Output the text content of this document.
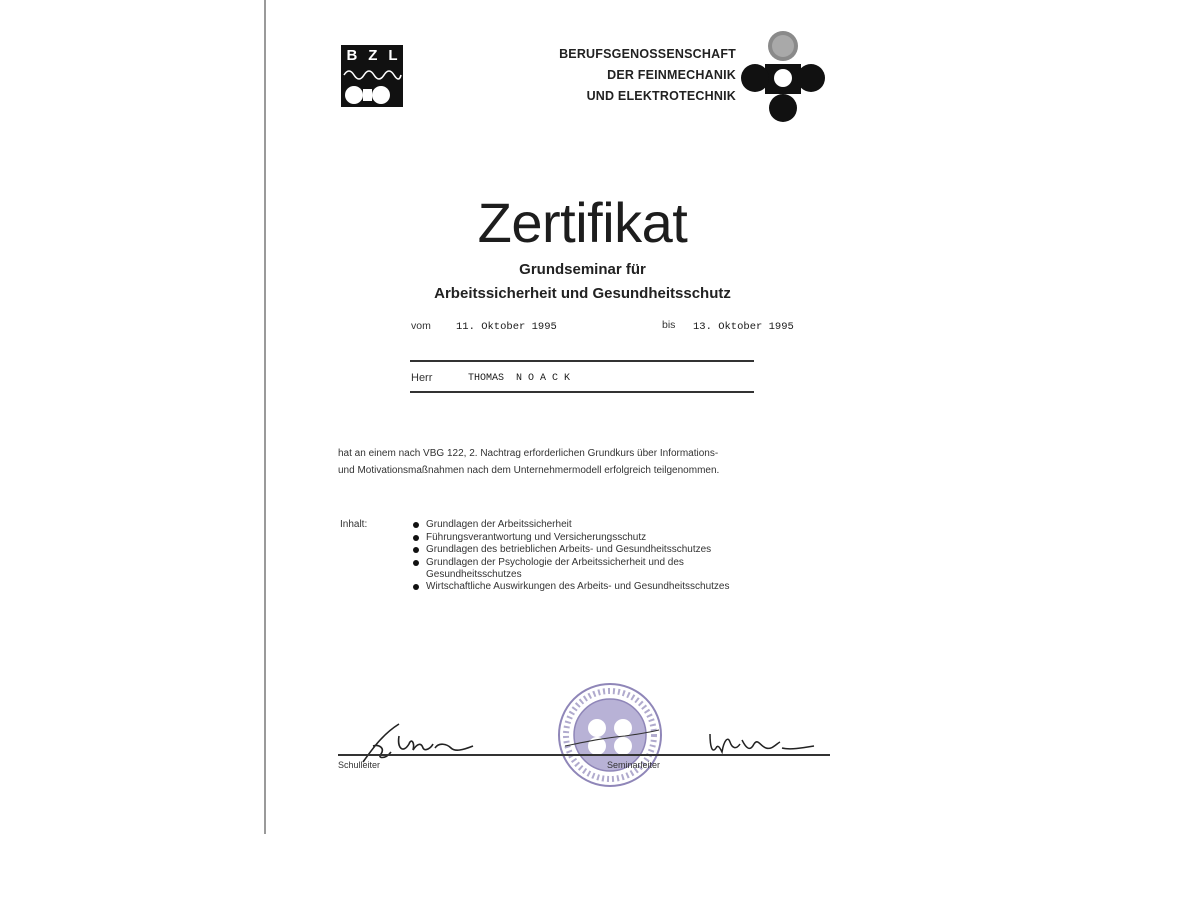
B Z L	BERUFSGENOSSENSCHAFT
DER FEINMECHANIK
UND ELEKTROTECHNIK
Zertifikat
Grundseminar für
Arbeitssicherheit und Gesundheitsschutz
vom 11. Oktober 1995	bis 13. Oktober 1995
Herr	THOMAS  N O A C K
hat an einem nach VBG 122, 2. Nachtrag erforderlichen Grundkurs über Informations-
und Motivationsmaßnahmen nach dem Unternehmermodell erfolgreich teilgenommen.
Inhalt:	Grundlagen der Arbeitssicherheit
Führungsverantwortung und Versicherungsschutz
Grundlagen des betrieblichen Arbeits- und Gesundheitsschutzes
Grundlagen der Psychologie der Arbeitssicherheit und des Gesundheitsschutzes
Wirtschaftliche Auswirkungen des Arbeits- und Gesundheitsschutzes
Schulleiter	Seminarleiter
